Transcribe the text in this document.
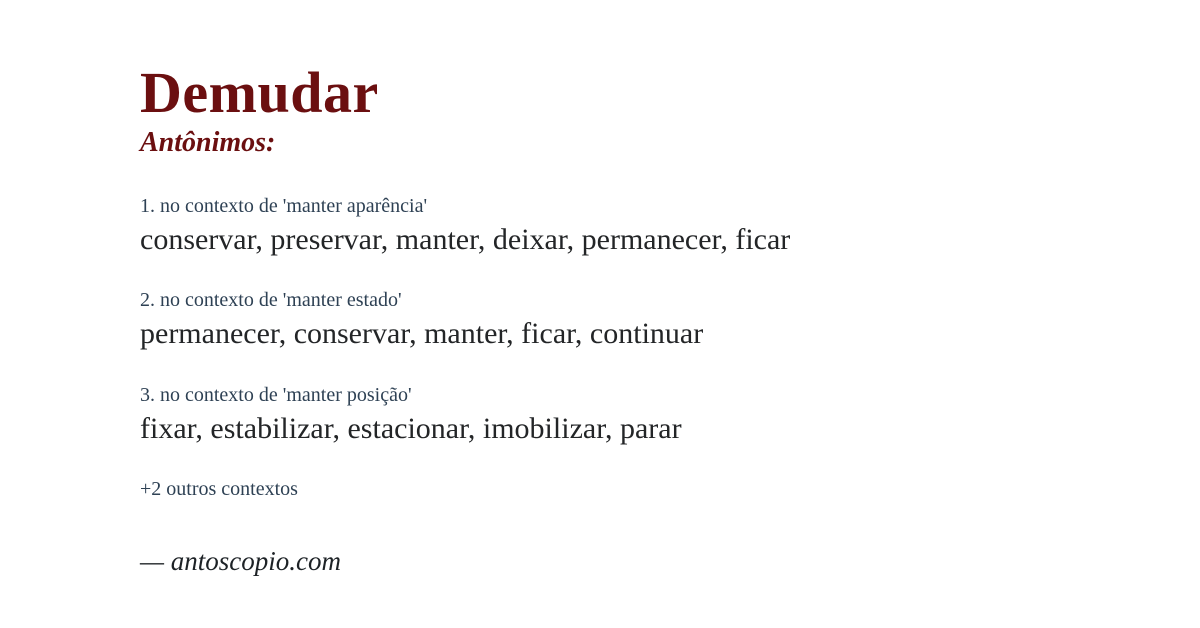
Demudar
Antônimos:
1. no contexto de 'manter aparência'
conservar, preservar, manter, deixar, permanecer, ficar
2. no contexto de 'manter estado'
permanecer, conservar, manter, ficar, continuar
3. no contexto de 'manter posição'
fixar, estabilizar, estacionar, imobilizar, parar
+2 outros contextos
— antoscopio.com
